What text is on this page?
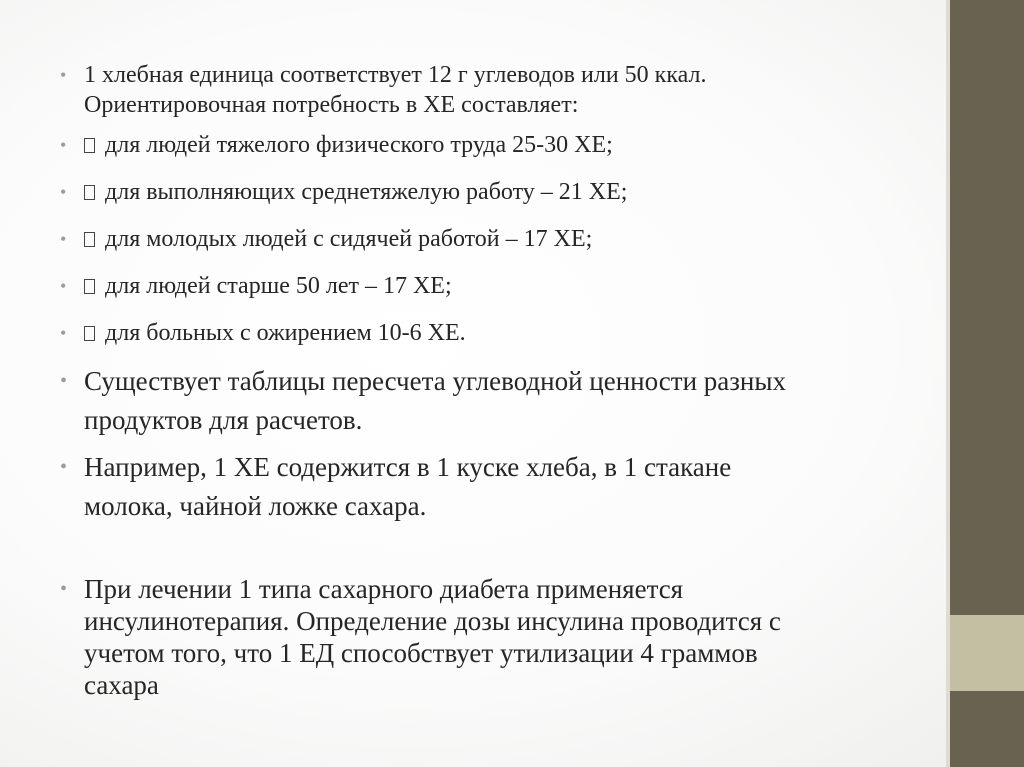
• 1 хлебная единица соответствует 12 г углеводов или 50 ккал.
Ориентировочная потребность в ХЕ составляет:
•	для людей тяжелого физического труда 25-30 ХЕ;
•	для выполняющих среднетяжелую работу – 21 ХЕ;
•	для молодых людей с сидячей работой – 17 ХЕ;
•	для людей старше 50 лет – 17 ХЕ;
•	для больных с ожирением 10-6 ХЕ.
• Существует таблицы пересчета углеводной ценности разных
продуктов для расчетов.
• Например, 1 ХЕ содержится в 1 куске хлеба, в 1 стакане
молока, чайной ложке сахара.
• При лечении 1 типа сахарного диабета применяется
инсулинотерапия. Определение дозы инсулина проводится с
учетом того, что 1 ЕД способствует утилизации 4 граммов
сахара
